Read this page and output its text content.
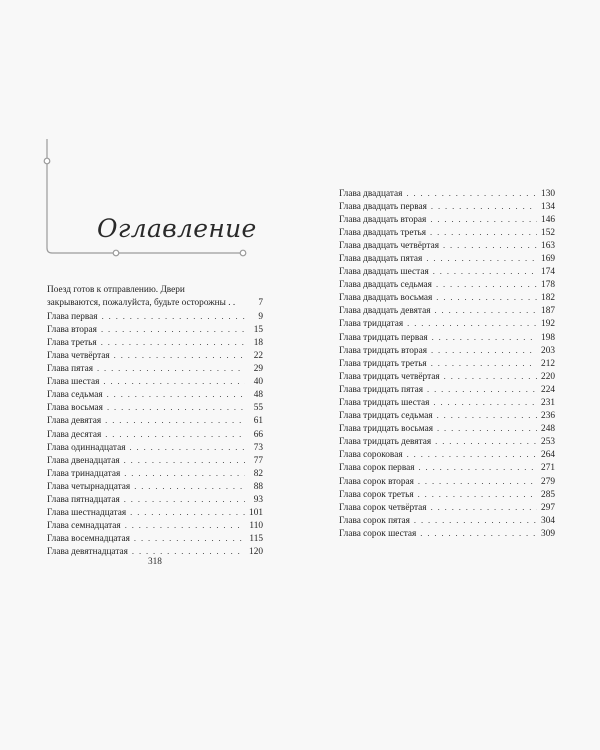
Оглавление
Поезд готов к отправлению. Двери
закрываются, пожалуйста, будьте осторожны . . 7
Глава первая . . .	9
Глава вторая . . .	15
Глава третья . . .	18
Глава четвёртая . . .	22
Глава пятая . . .	29
Глава шестая . . .	40
Глава седьмая . . .	48
Глава восьмая . . .	55
Глава девятая . . .	61
Глава десятая . . .	66
Глава одиннадцатая . . .	73
Глава двенадцатая . . .	77
Глава тринадцатая . . .	82
Глава четырнадцатая . . .	88
Глава пятнадцатая . . .	93
Глава шестнадцатая . . .	101
Глава семнадцатая . . .	110
Глава восемнадцатая . . .	115
Глава девятнадцатая . . .	120
Глава двадцатая . . .	130
Глава двадцать первая . . .	134
Глава двадцать вторая . . .	146
Глава двадцать третья . . .	152
Глава двадцать четвёртая . . .	163
Глава двадцать пятая . . .	169
Глава двадцать шестая . . .	174
Глава двадцать седьмая . . .	178
Глава двадцать восьмая . . .	182
Глава двадцать девятая . . .	187
Глава тридцатая . . .	192
Глава тридцать первая . . .	198
Глава тридцать вторая . . .	203
Глава тридцать третья . . .	212
Глава тридцать четвёртая . . .	220
Глава тридцать пятая . . .	224
Глава тридцать шестая . . .	231
Глава тридцать седьмая . . .	236
Глава тридцать восьмая . . .	248
Глава тридцать девятая . . .	253
Глава сороковая . . .	264
Глава сорок первая . . .	271
Глава сорок вторая . . .	279
Глава сорок третья . . .	285
Глава сорок четвёртая . . .	297
Глава сорок пятая . . .	304
Глава сорок шестая . . .	309
318
